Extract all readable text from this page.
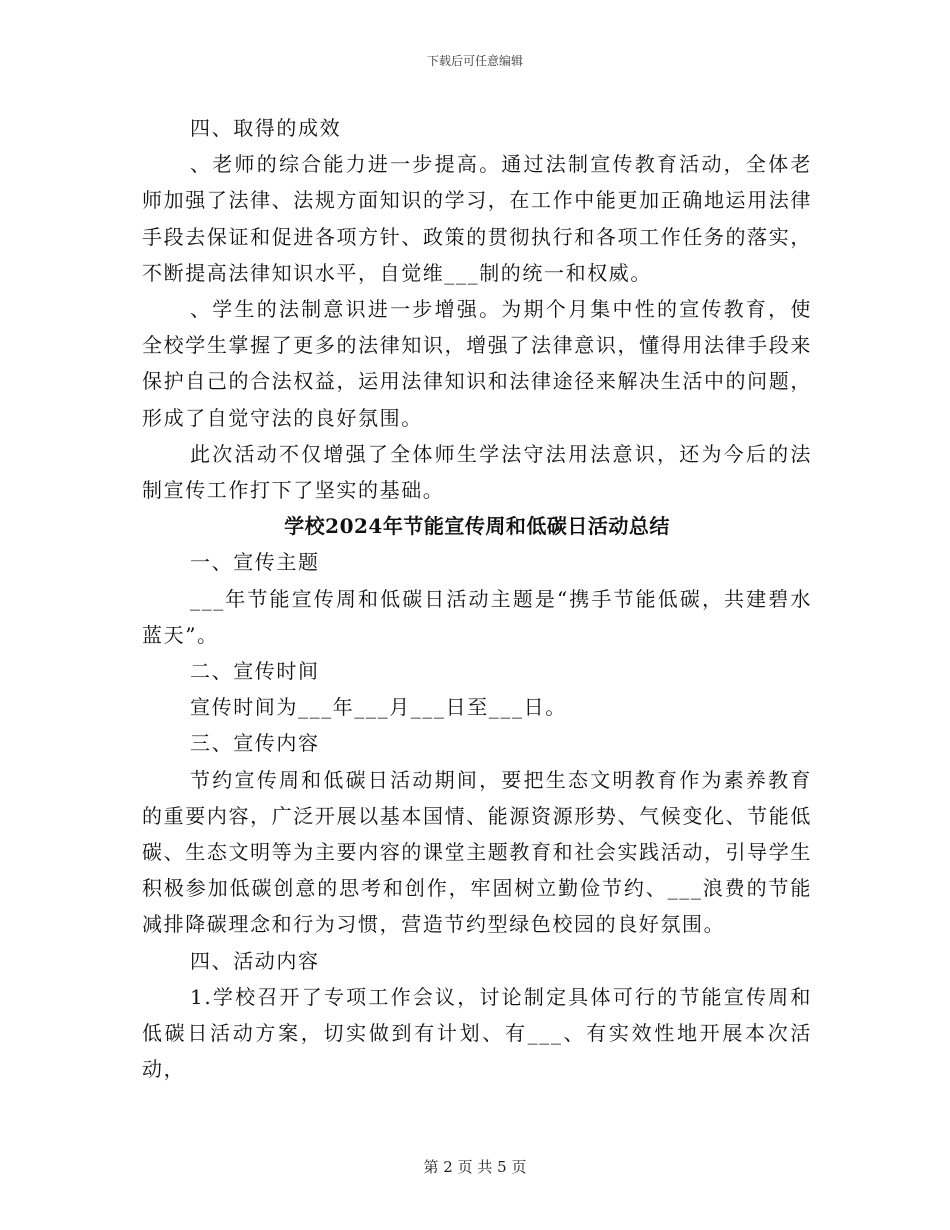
下载后可任意编辑

四、取得的成效

、老师的综合能力进一步提高。通过法制宣传教育活动，全体老师加强了法律、法规方面知识的学习，在工作中能更加正确地运用法律手段去保证和促进各项方针、政策的贯彻执行和各项工作任务的落实，不断提高法律知识水平，自觉维___制的统一和权威。

、学生的法制意识进一步增强。为期个月集中性的宣传教育，使全校学生掌握了更多的法律知识，增强了法律意识，懂得用法律手段来保护自己的合法权益，运用法律知识和法律途径来解决生活中的问题，形成了自觉守法的良好氛围。

此次活动不仅增强了全体师生学法守法用法意识，还为今后的法制宣传工作打下了坚实的基础。

学校2024年节能宣传周和低碳日活动总结

一、宣传主题

___年节能宣传周和低碳日活动主题是“携手节能低碳，共建碧水蓝天”。

二、宣传时间

宣传时间为___年___月___日至___日。

三、宣传内容

节约宣传周和低碳日活动期间，要把生态文明教育作为素养教育的重要内容，广泛开展以基本国情、能源资源形势、气候变化、节能低碳、生态文明等为主要内容的课堂主题教育和社会实践活动，引导学生积极参加低碳创意的思考和创作，牢固树立勤俭节约、___浪费的节能减排降碳理念和行为习惯，营造节约型绿色校园的良好氛围。

四、活动内容

1.学校召开了专项工作会议，讨论制定具体可行的节能宣传周和低碳日活动方案，切实做到有计划、有___、有实效性地开展本次活动，

第 2 页 共 5 页
